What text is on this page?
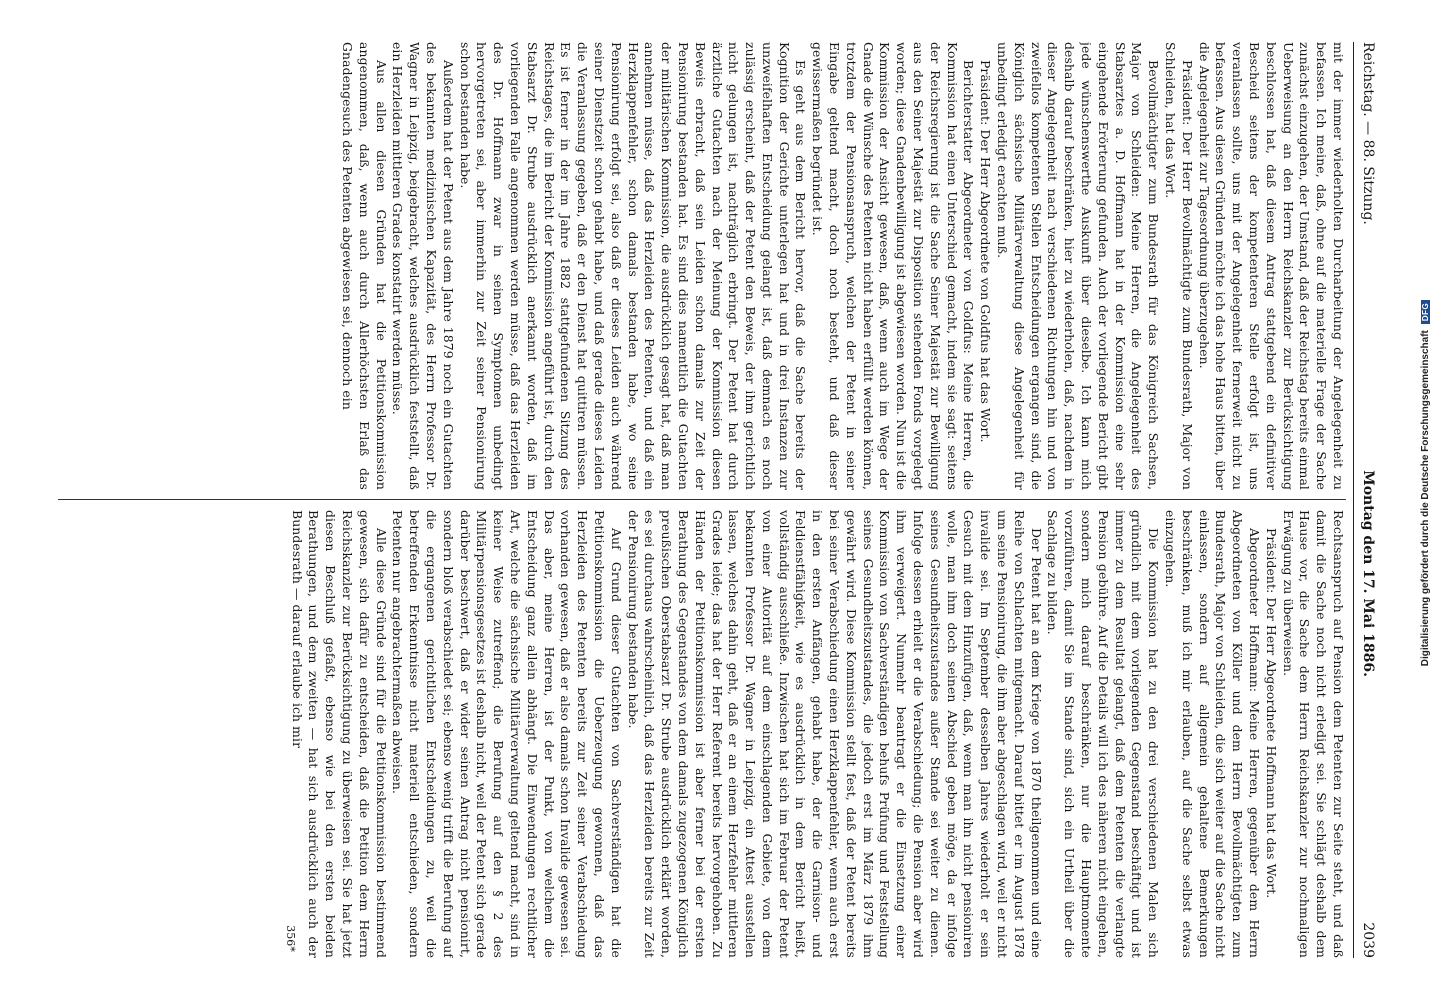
Reichstag. — 88. Sitzung.
Montag den 17. Mai 1886.
2039

mit der immer wiederholten Durcharbeitung der Angelegenheit zu befassen. Ich meine, daß, ohne auf die materielle Frage der Sache zunächst einzugehen, der Umstand, daß der Reichstag bereits einmal Ueberweisung an den Herrn Reichskanzler zur Berücksichtigung beschlossen hat, daß diesem Antrag stattgebend ein definitiver Bescheid seitens der kompetenteren Stelle erfolgt ist, uns veranlassen sollte, uns mit der Angelegenheit fernerweit nicht zu befassen. Aus diesen Gründen möchte ich das hohe Haus bitten, über die Angelegenheit zur Tagesordnung überzugehen.

Präsident: Der Herr Bevollmächtigte zum Bundesrath, Major von Schleiden, hat das Wort.

Bevollmächtigter zum Bundesrath für das Königreich Sachsen, Major von Schleiden: Meine Herren, die Angelegenheit des Stabsarztes a. D. Hoffmann hat in der Kommission eine sehr eingehende Erörterung gefunden. Auch der vorliegende Bericht gibt jede wünschenswerthe Auskunft über dieselbe. Ich kann mich deshalb darauf beschränken, hier zu wiederholen, daß, nachdem in dieser Angelegenheit nach verschiedenen Richtungen hin und von zweifellos kompetenten Stellen Entscheidungen ergangen sind, die Königlich sächsische Militärverwaltung diese Angelegenheit für unbedingt erledigt erachten muß.

Präsident: Der Herr Abgeordnete von Goldfus hat das Wort.

Berichterstatter Abgeordneter von Goldfus: Meine Herren, die Kommission hat einen Unterschied gemacht, indem sie sagt: seitens der Reichsregierung ist die Sache Seiner Majestät zur Bewilligung aus den Seiner Majestät zur Disposition stehenden Fonds vorgelegt worden; diese Gnadenbewilligung ist abgewiesen worden. Nun ist die Kommission der Ansicht gewesen, daß, wenn auch im Wege der Gnade die Wünsche des Petenten nicht haben erfüllt werden können, trotzdem der Pensionsanspruch, welchen der Petent in seiner Eingabe geltend macht, doch noch besteht, und daß dieser gewissermaßen begründet ist.

Es geht aus dem Bericht hervor, daß die Sache bereits der Kognition der Gerichte unterlegen hat und in drei Instanzen zur unzweifelhaften Entscheidung gelangt ist, daß demnach es noch zulässig erscheint, daß der Petent den Beweis, der ihm gerichtlich nicht gelungen ist, nachträglich erbringt. Der Petent hat durch ärztliche Gutachten nach der Meinung der Kommission diesen Beweis erbracht, daß sein Leiden schon damals zur Zeit der Pensionirung bestanden hat. Es sind dies namentlich die Gutachten der militärischen Kommission, die ausdrücklich gesagt hat, daß man annehmen müsse, daß das Herzleiden des Petenten, und daß ein Herzklappenfehler, schon damals bestanden habe, wo seine Pensionirung erfolgt sei, also daß er dieses Leiden auch während seiner Dienstzeit schon gehabt habe, und daß gerade dieses Leiden die Veranlassung gegeben, daß er den Dienst hat quittiren müssen. Es ist ferner in der im Jahre 1882 stattgefundenen Sitzung des Reichstages, die im Bericht der Kommission angeführt ist, durch den Stabsarzt Dr. Strube ausdrücklich anerkannt worden, daß im vorliegenden Falle angenommen werden müsse, daß das Herzleiden des Dr. Hoffmann zwar in seinen Symptomen unbedingt hervorgetreten sei, aber immerhin zur Zeit seiner Pensionirung schon bestanden habe.

Außerdem hat der Petent aus dem Jahre 1879 noch ein Gutachten des bekannten medizinischen Kapazität, des Herrn Professor Dr. Wagner in Leipzig, beigebracht, welches ausdrücklich feststellt, daß ein Herzleiden mittleren Grades konstatirt werden müsse.

Aus allen diesen Gründen hat die Petitionskommission angenommen, daß, wenn auch durch Allerhöchsten Erlaß das Gnadengesuch des Petenten abgewiesen sei, dennoch ein

Rechtsanspruch auf Pension dem Petenten zur Seite steht, und daß damit die Sache noch nicht erledigt sei. Sie schlägt deshalb dem Hause vor, die Sache dem Herrn Reichskanzler zur nochmaligen Erwägung zu überweisen.

Präsident: Der Herr Abgeordnete Hoffmann hat das Wort.

Abgeordneter Hoffmann: Meine Herren, gegenüber dem Herrn Abgeordneten von Köller und dem Herrn Bevollmächtigten zum Bundesrath, Major von Schleiden, die sich weiter auf die Sache nicht einlassen, sondern auf allgemein gehaltene Bemerkungen beschränken, muß ich mir erlauben, auf die Sache selbst etwas einzugehen.

Die Kommission hat zu den drei verschiedenen Malen sich gründlich mit dem vorliegenden Gegenstand beschäftigt und ist immer zu dem Resultat gelangt, daß dem Petenten die verlangte Pension gebühre. Auf die Details will ich des näheren nicht eingehen, sondern mich darauf beschränken, nur die Hauptmomente vorzuführen, damit Sie im Stande sind, sich ein Urtheil über die Sachlage zu bilden.

Der Petent hat an dem Kriege von 1870 theilgenommen und eine Reihe von Schlachten mitgemacht. Darauf bittet er im August 1878 um seine Pensionirung, die ihm aber abgeschlagen wird, weil er nicht invalide sei. Im September desselben Jahres wiederholt er sein Gesuch mit dem Hinzufügen, daß, wenn man ihn nicht pensioniren wolle, man ihm doch seinen Abschied geben möge, da er infolge seines Gesundheitszustandes außer Stande sei weiter zu dienen. Infolge dessen erhielt er die Verabschiedung; die Pension aber wird ihm verweigert. Nunmehr beantragt er die Einsetzung einer Kommission von Sachverständigen behufs Prüfung und Feststellung seines Gesundheitszustandes, die jedoch erst im März 1879 ihm gewährt wird. Diese Kommission stellt fest, daß der Petent bereits bei seiner Verabschiedung einen Herzklappenfehler, wenn auch erst in den ersten Anfängen, gehabt habe, der die Garnison- und Feldienstfähigkeit, wie es ausdrücklich in dem Bericht heißt, vollständig ausschließe. Inzwischen hat sich im Februar der Petent von einer Autorität auf dem einschlagenden Gebiete, von dem bekannten Professor Dr. Wagner in Leipzig, ein Attest ausstellen lassen, welches dahin geht, daß er an einem Herzfehler mittleren Grades leide; das hat der Herr Referent bereits hervorgehoben. Zu Händen der Petitionskommission ist aber ferner bei der ersten Berathung des Gegenstandes von dem damals zugezogenen Königlich preußischen Oberstabsarzt Dr. Strube ausdrücklich erklärt worden, es sei durchaus wahrscheinlich, daß das Herzleiden bereits zur Zeit der Pensionirung bestanden habe.

Auf Grund dieser Gutachten von Sachverständigen hat die Petitionskommission die Ueberzeugung gewonnen, daß das Herzleiden des Petenten bereits zur Zeit seiner Verabschiedung vorhanden gewesen, daß er also damals schon Invalide gewesen sei. Das aber, meine Herren, ist der Punkt, von welchem die Entscheidung ganz allein abhängt. Die Einwendungen rechtlicher Art, welche die sächsische Militärverwaltung geltend macht, sind in keiner Weise zutreffend; die Berufung auf den § 2 des Militärpensionsgesetzes ist deshalb nicht, weil der Petent sich gerade darüber beschwert, daß er wider seinen Antrag nicht pensionirt, sondern bloß verabschiedet sei; ebenso wenig trifft die Berufung auf die ergangenen gerichtlichen Entscheidungen zu, weil die betreffenden Erkenntnisse nicht materiell entschieden, sondern Petenten nur angebrachtermaßen abweisen.

Alle diese Gründe sind für die Petitionskommission bestimmend gewesen, sich dafür zu entscheiden, daß die Petition dem Herrn Reichskanzler zur Berücksichtigung zu überweisen sei. Sie hat jetzt diesen Beschluß gefaßt, ebenso wie bei den ersten beiden Berathungen, und dem zweiten — hat sich ausdrücklich auch der Bundesrath — darauf erlaube ich mir

356*
Digitalisierung gefördert durch die Deutsche Forschungsgemeinschaft
DFG
